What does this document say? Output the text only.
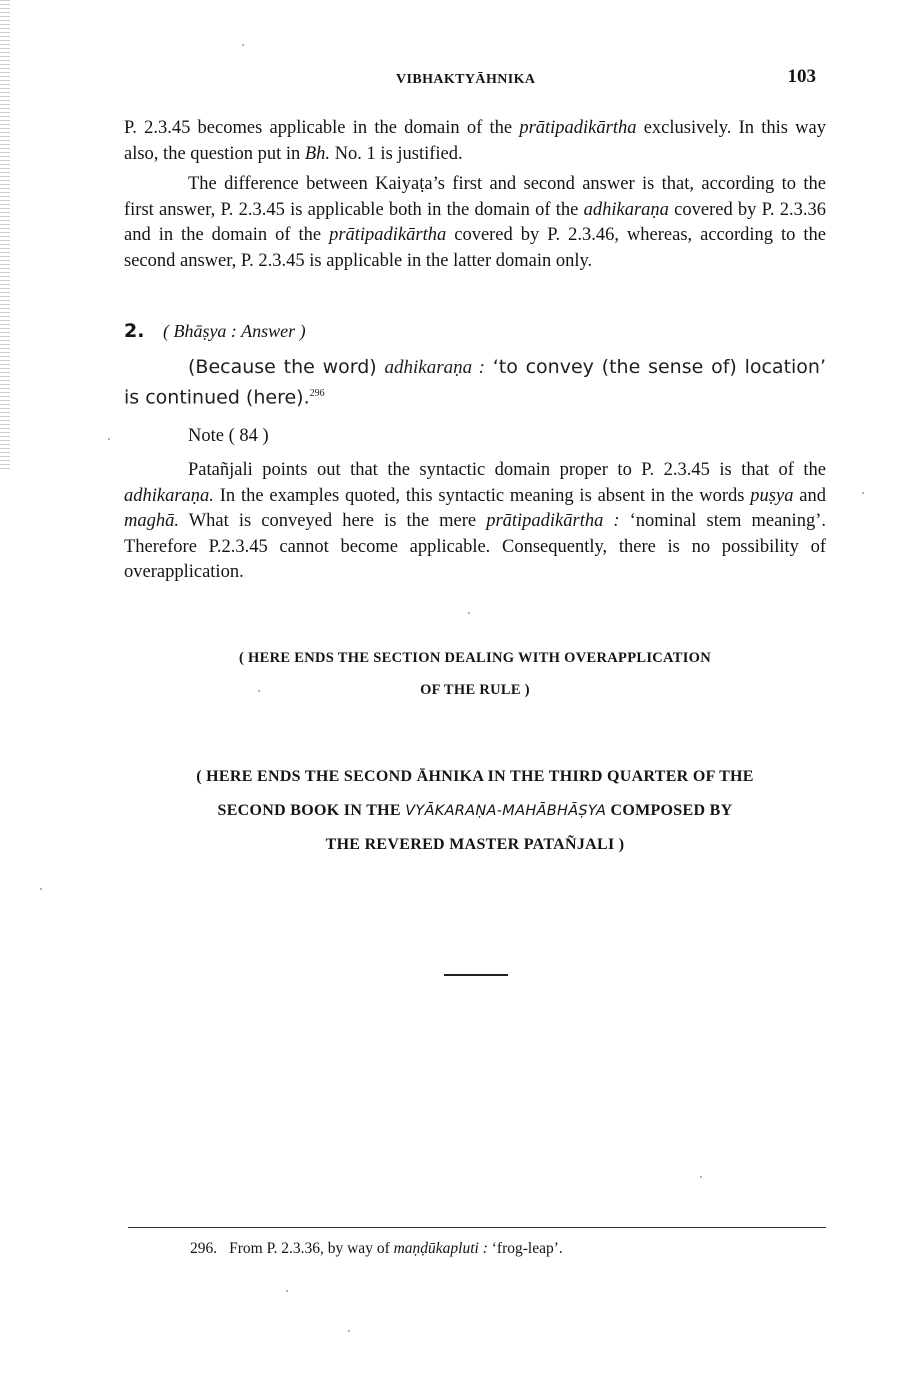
VIBHAKTYĀHNIKA	103

P. 2.3.45 becomes applicable in the domain of the prātipadikārtha exclusively. In this way also, the question put in Bh. No. 1 is justified.

The difference between Kaiyaṭa’s first and second answer is that, according to the first answer, P. 2.3.45 is applicable both in the domain of the adhikaraṇa covered by P. 2.3.36 and in the domain of the prātipadikārtha covered by P. 2.3.46, whereas, according to the second answer, P. 2.3.45 is applicable in the latter domain only.

2. ( Bhāṣya : Answer )

(Because the word) adhikaraṇa : ‘to convey (the sense of) location’ is continued (here).$^{296}$

Note ( 84 )

Patañjali points out that the syntactic domain proper to P. 2.3.45 is that of the adhikaraṇa. In the examples quoted, this syntactic meaning is absent in the words puṣya and maghā. What is conveyed here is the mere prātipadikārtha : ‘nominal stem meaning’. Therefore P.2.3.45 cannot become applicable. Consequently, there is no possibility of overapplication.

( HERE ENDS THE SECTION DEALING WITH OVERAPPLICATION
OF THE RULE )
( HERE ENDS THE SECOND ĀHNIKA IN THE THIRD QUARTER OF THE
SECOND BOOK IN THE VYĀKARAṆA-MAHĀBHĀṢYA COMPOSED BY
THE REVERED MASTER PATAÑJALI )
296. From P. 2.3.36, by way of maṇḍūkapluti : ‘frog-leap’.
